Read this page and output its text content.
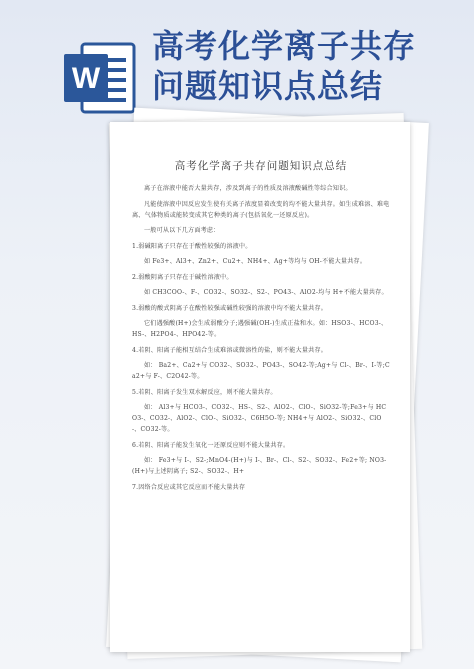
W
高考化学离子共存
问题知识点总结
高考化学离子共存问题知识点总结
离子在溶液中能否大量共存，涉及到离子的性质及溶液酸碱性等综合知识。
凡能使溶液中因反应发生使有关离子浓度显着改变的均不能大量共存。如生成难溶、难电离、气体物质或能转变成其它种类的离子(包括氧化一还原反应)。
一般可从以下几方面考虑：
1.弱碱阳离子只存在于酸性较强的溶液中。
如 Fe3+、Al3+、Zn2+、Cu2+、NH4+、Ag+等均与 OH-不能大量共存。
2.弱酸阴离子只存在于碱性溶液中。
如 CH3COO-、F-、CO32-、SO32-、S2-、PO43-、AlO2-均与 H+不能大量共存。
3.弱酸的酸式阴离子在酸性较强或碱性较强的溶液中均不能大量共存。
它们遇强酸(H+)会生成弱酸分子;遇强碱(OH-)生成正盐和水。如：HSO3-、HCO3-、HS-、H2PO4-、HPO42-等。
4.若阴、阳离子能相互结合生成难溶或微溶性的盐，则不能大量共存。
如： Ba2+、Ca2+与 CO32-、SO32-、PO43-、SO42-等;Ag+与 Cl-、Br-、I-等;Ca2+与 F-、C2O42-等。
5.若阴、阳离子发生双水解反应，则不能大量共存。
如： Al3+与 HCO3-、CO32-、HS-、S2-、AlO2-、ClO-、SiO32-等;Fe3+与 HCO3-、CO32-、AlO2-、ClO-、SiO32-、C6H5O-等; NH4+与 AlO2-、SiO32-、ClO-、CO32-等。
6.若阴、阳离子能发生氧化一还原反应则不能大量共存。
如： Fe3+与 I-、S2-;MnO4-(H+)与 I-、Br-、Cl-、S2-、SO32-、Fe2+等; NO3-(H+)与上述阴离子; S2-、SO32-、H+
7.因络合反应或其它反应而不能大量共存
